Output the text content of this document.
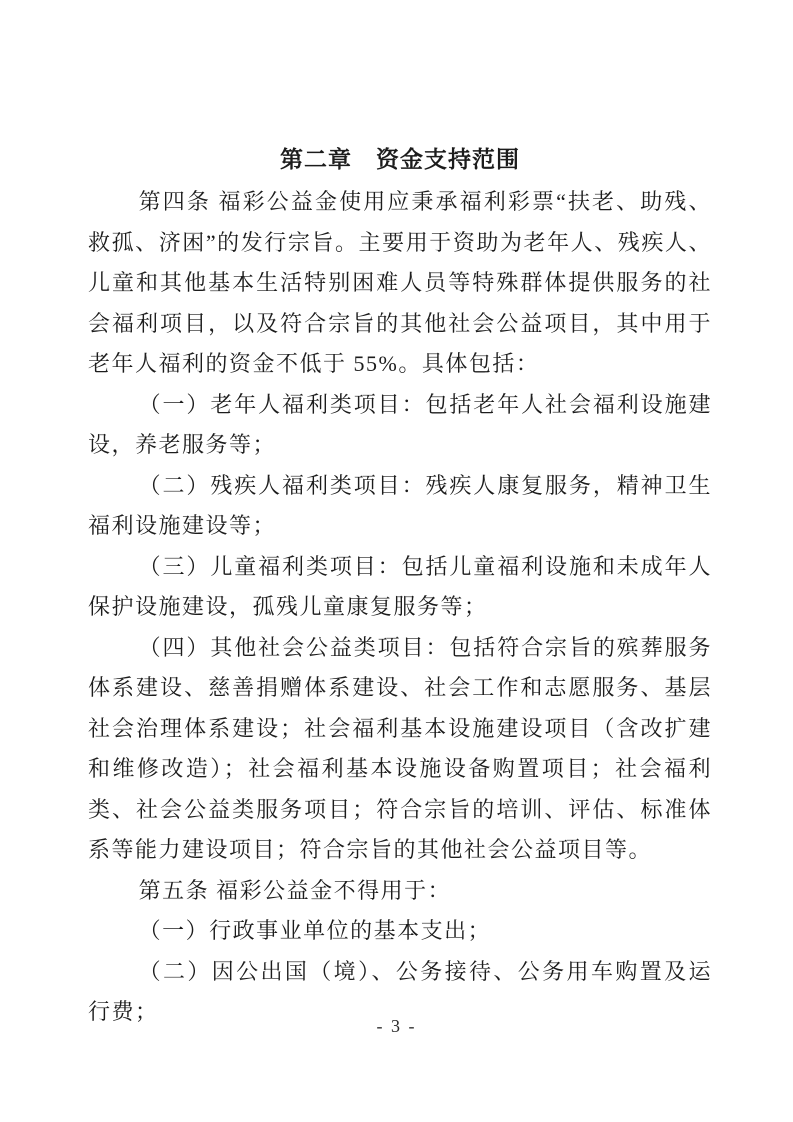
第二章　资金支持范围

第四条 福彩公益金使用应秉承福利彩票“扶老、助残、救孤、济困”的发行宗旨。主要用于资助为老年人、残疾人、儿童和其他基本生活特别困难人员等特殊群体提供服务的社会福利项目，以及符合宗旨的其他社会公益项目，其中用于老年人福利的资金不低于 55%。具体包括：

（一）老年人福利类项目：包括老年人社会福利设施建设，养老服务等；

（二）残疾人福利类项目：残疾人康复服务，精神卫生福利设施建设等；

（三）儿童福利类项目：包括儿童福利设施和未成年人保护设施建设，孤残儿童康复服务等；

（四）其他社会公益类项目：包括符合宗旨的殡葬服务体系建设、慈善捐赠体系建设、社会工作和志愿服务、基层社会治理体系建设；社会福利基本设施建设项目（含改扩建和维修改造）；社会福利基本设施设备购置项目；社会福利类、社会公益类服务项目；符合宗旨的培训、评估、标准体系等能力建设项目；符合宗旨的其他社会公益项目等。

第五条 福彩公益金不得用于：

（一）行政事业单位的基本支出；

（二）因公出国（境）、公务接待、公务用车购置及运行费；

- 3 -
